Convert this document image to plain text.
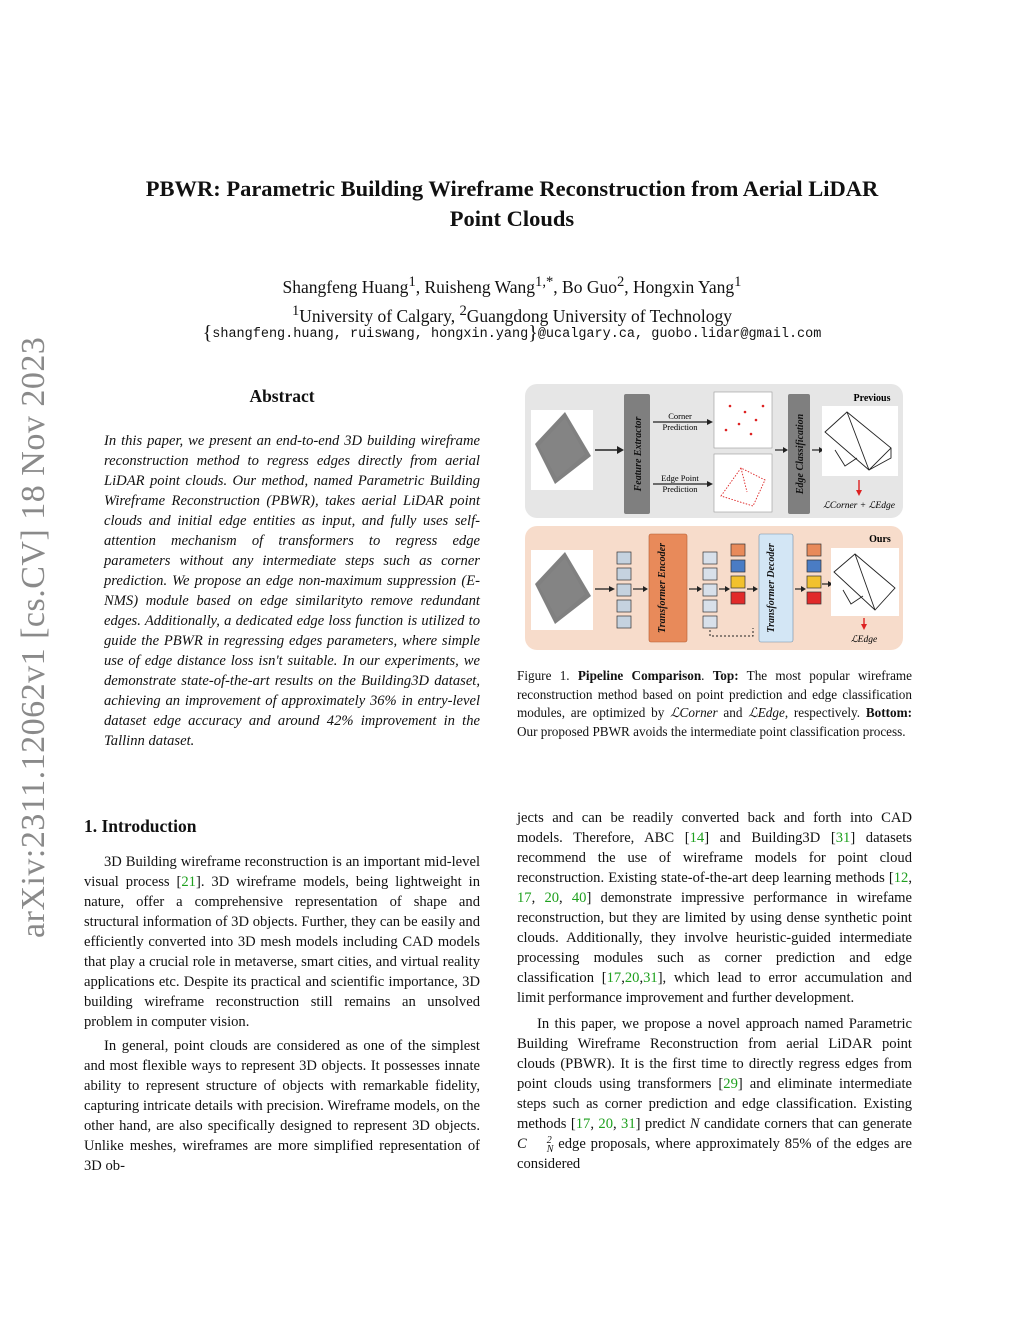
PBWR: Parametric Building Wireframe Reconstruction from Aerial LiDAR
Point Clouds
Shangfeng Huang$^1$, Ruisheng Wang$^{1,*}$, Bo Guo$^2$, Hongxin Yang$^1$
$^1$University of Calgary, $^2$Guangdong University of Technology
{shangfeng.huang, ruiswang, hongxin.yang}@ucalgary.ca, guobo.lidar@gmail.com
arXiv:2311.12062v1 [cs.CV] 18 Nov 2023	Abstract
In this paper, we present an end-to-end 3D building wireframe reconstruction method to regress edges directly from aerial LiDAR point clouds. Our method, named Parametric Building Wireframe Reconstruction (PBWR), takes aerial LiDAR point clouds and initial edge entities as input, and fully uses self-attention mechanism of transformers to regress edge parameters without any intermediate steps such as corner prediction. We propose an edge non-maximum suppression (E-NMS) module based on edge similarityto remove redundant edges. Additionally, a dedicated edge loss function is utilized to guide the PBWR in regressing edges parameters, where simple use of edge distance loss isn't suitable. In our experiments, we demonstrate state-of-the-art results on the Building3D dataset, achieving an improvement of approximately 36% in entry-level dataset edge accuracy and around 42% improvement in the Tallinn dataset.
Previous
Feature Extractor
Corner
Prediction
Edge Point
Prediction	Edge Classification
ℒCorner + ℒEdge
Ours
Transformer Encoder	Transformer Decoder
ℒEdge
Figure 1. Pipeline Comparison. Top: The most popular wireframe reconstruction method based on point prediction and edge classification modules, are optimized by ℒCorner and ℒEdge, respectively. Bottom: Our proposed PBWR avoids the intermediate point classification process.
1. Introduction

3D Building wireframe reconstruction is an important mid-level visual process [21]. 3D wireframe models, being lightweight in nature, offer a comprehensive representation of shape and structural information of 3D objects. Further, they can be easily and efficiently converted into 3D mesh models including CAD models that play a crucial role in metaverse, smart cities, and virtual reality applications etc. Despite its practical and scientific importance, 3D building wireframe reconstruction still remains an unsolved problem in computer vision.

In general, point clouds are considered as one of the simplest and most flexible ways to represent 3D objects. It possesses innate ability to represent structure of objects with remarkable fidelity, capturing intricate details with precision. Wireframe models, on the other hand, are also specifically designed to represent 3D objects. Unlike meshes, wireframes are more simplified representation of 3D ob-

jects and can be readily converted back and forth into CAD models. Therefore, ABC [14] and Building3D [31] datasets recommend the use of wireframe models for point cloud reconstruction. Existing state-of-the-art deep learning methods [12, 17, 20, 40] demonstrate impressive performance in wirefame reconstruction, but they are limited by using dense synthetic point clouds. Additionally, they involve heuristic-guided intermediate processing modules such as corner prediction and edge classification [17,20,31], which lead to error accumulation and limit performance improvement and further development.

In this paper, we propose a novel approach named Parametric Building Wireframe Reconstruction from aerial LiDAR point clouds (PBWR). It is the first time to directly regress edges from point clouds using transformers [29] and eliminate intermediate steps such as corner prediction and edge classification. Existing methods [17, 20, 31] predict N candidate corners that can generate C	2
N edge proposals, where approximately 85% of the edges are considered
